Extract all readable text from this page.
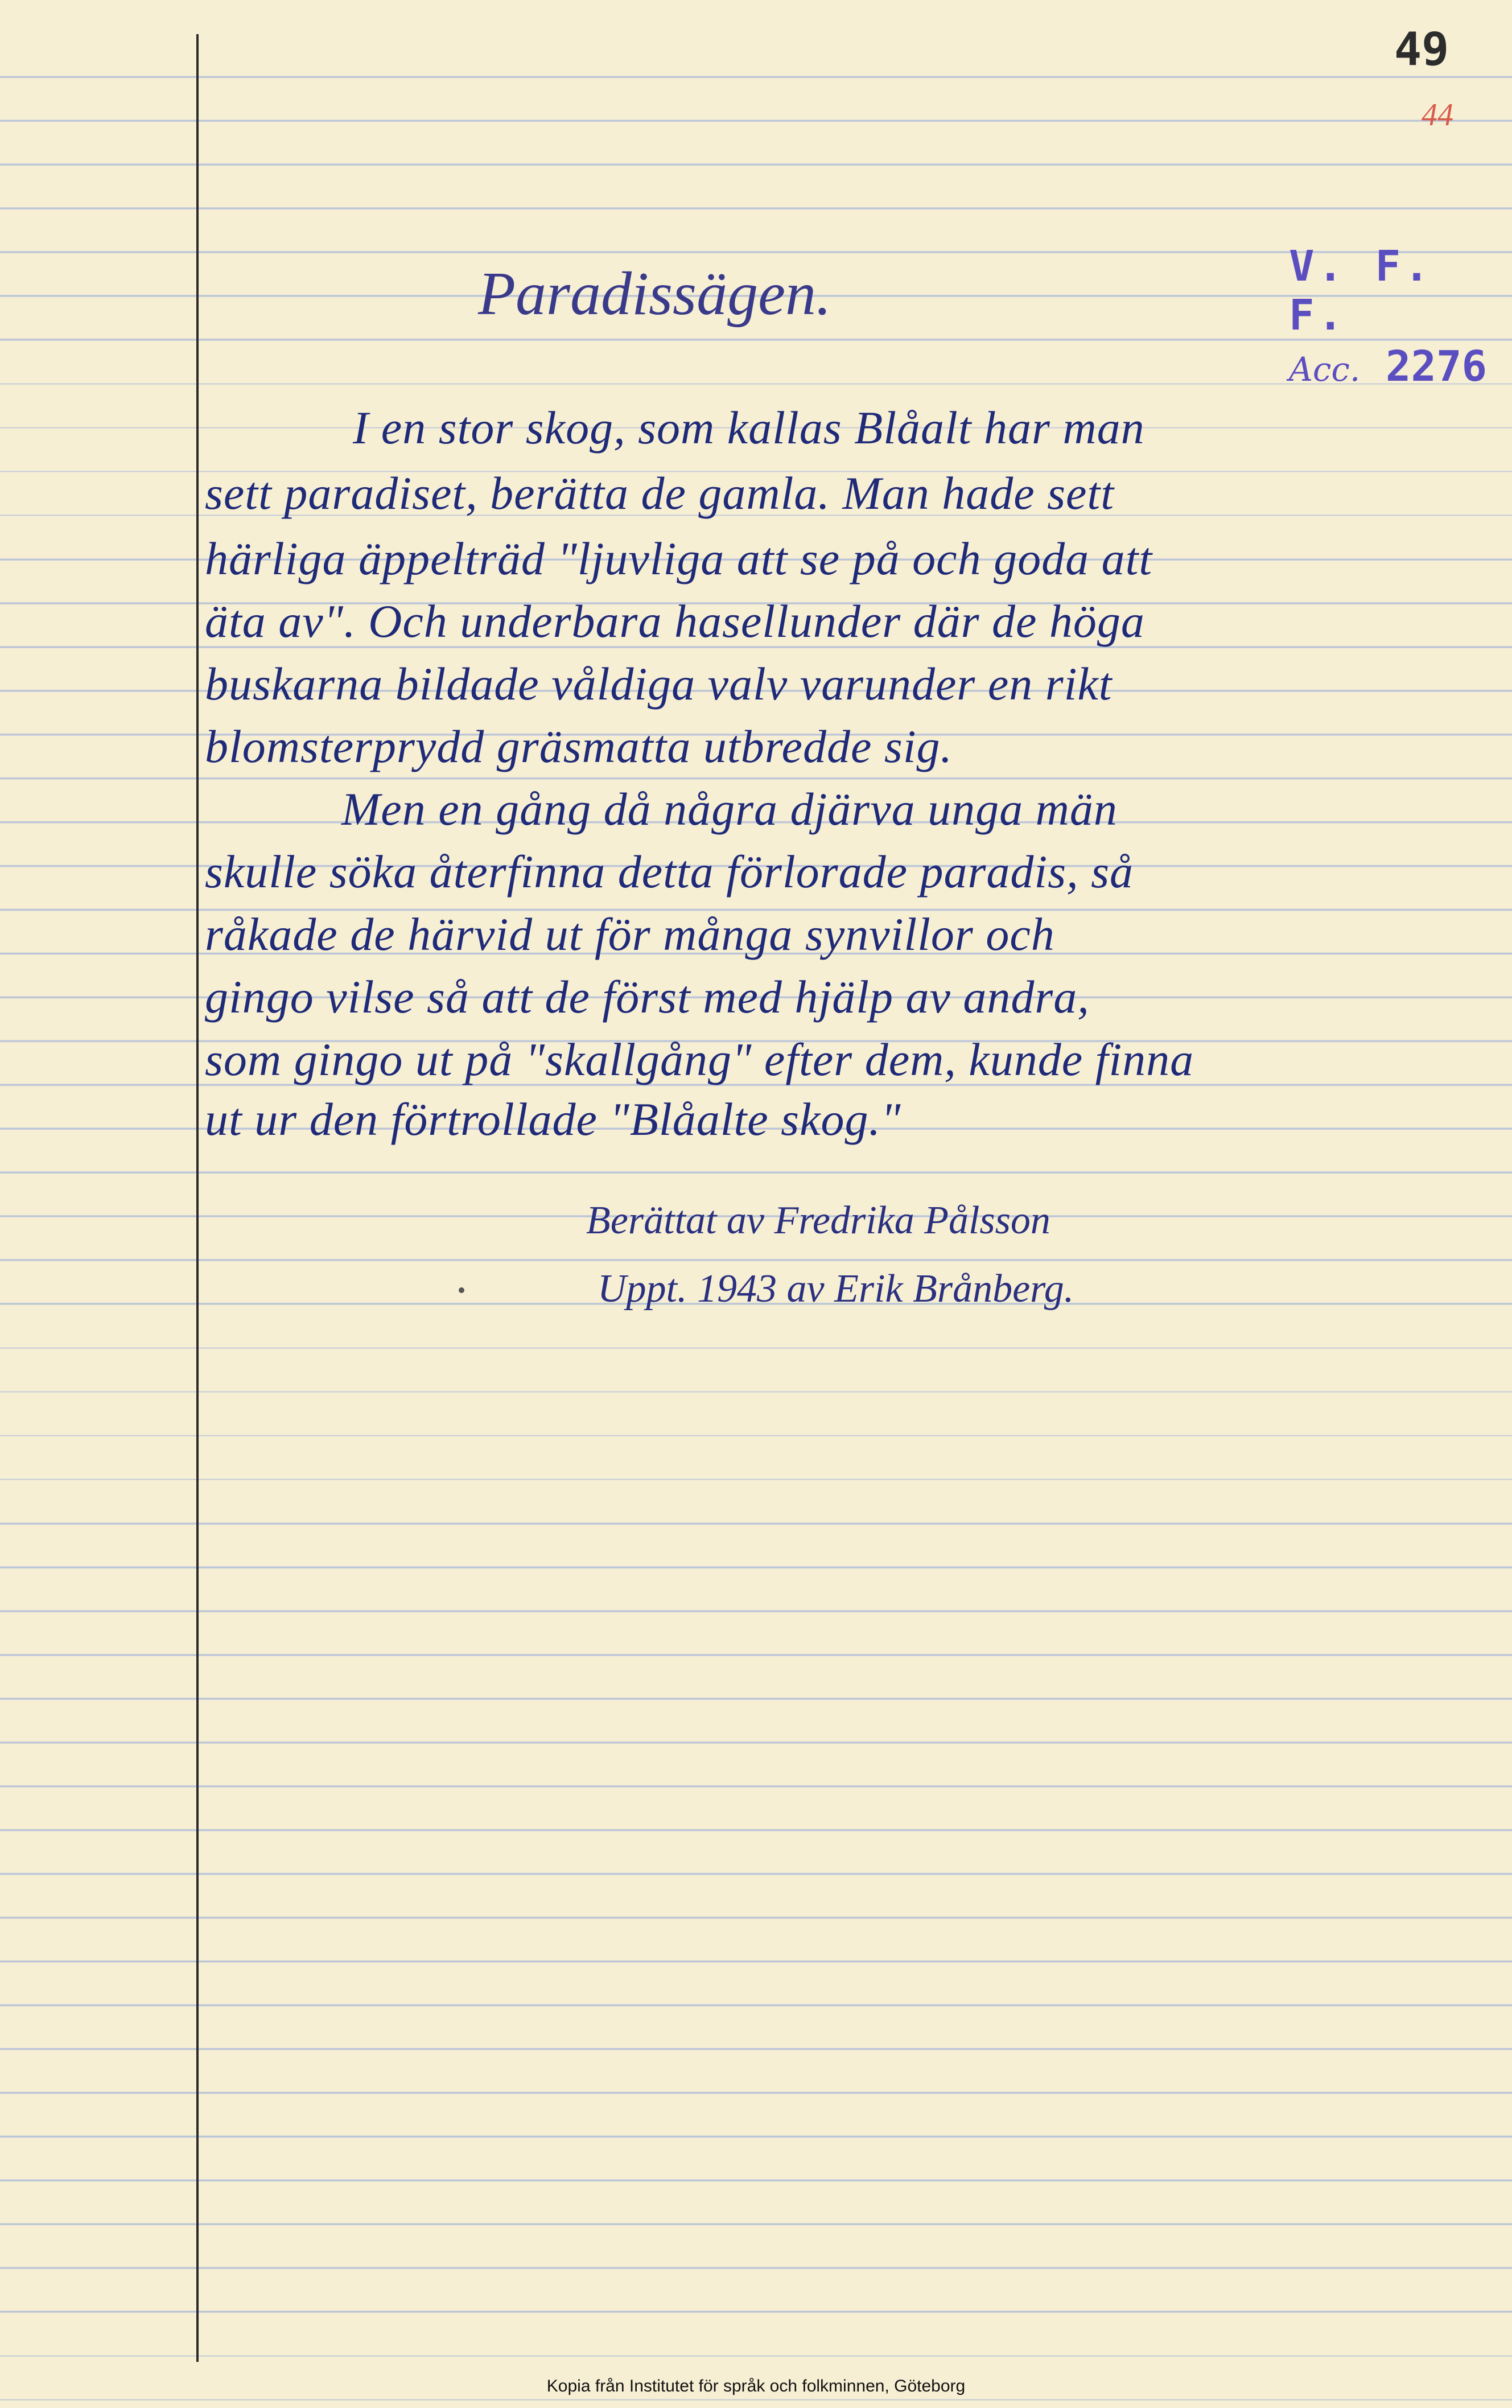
49
44
V. F. F.
Acc. 2276
Paradissägen.
I en stor skog, som kallas Blåalt har man
sett paradiset, berätta de gamla. Man hade sett
härliga äppelträd "ljuvliga att se på och goda att
äta av". Och underbara hasellunder där de höga
buskarna bildade våldiga valv varunder en rikt
blomsterprydd gräsmatta utbredde sig.
Men en gång då några djärva unga män
skulle söka återfinna detta förlorade paradis, så
råkade de härvid ut för många synvillor och
gingo vilse så att de först med hjälp av andra,
som gingo ut på "skallgång" efter dem, kunde finna
ut ur den förtrollade "Blåalte skog."
Berättat av Fredrika Pålsson
Uppt. 1943 av Erik Brånberg.
Kopia från Institutet för språk och folkminnen, Göteborg
